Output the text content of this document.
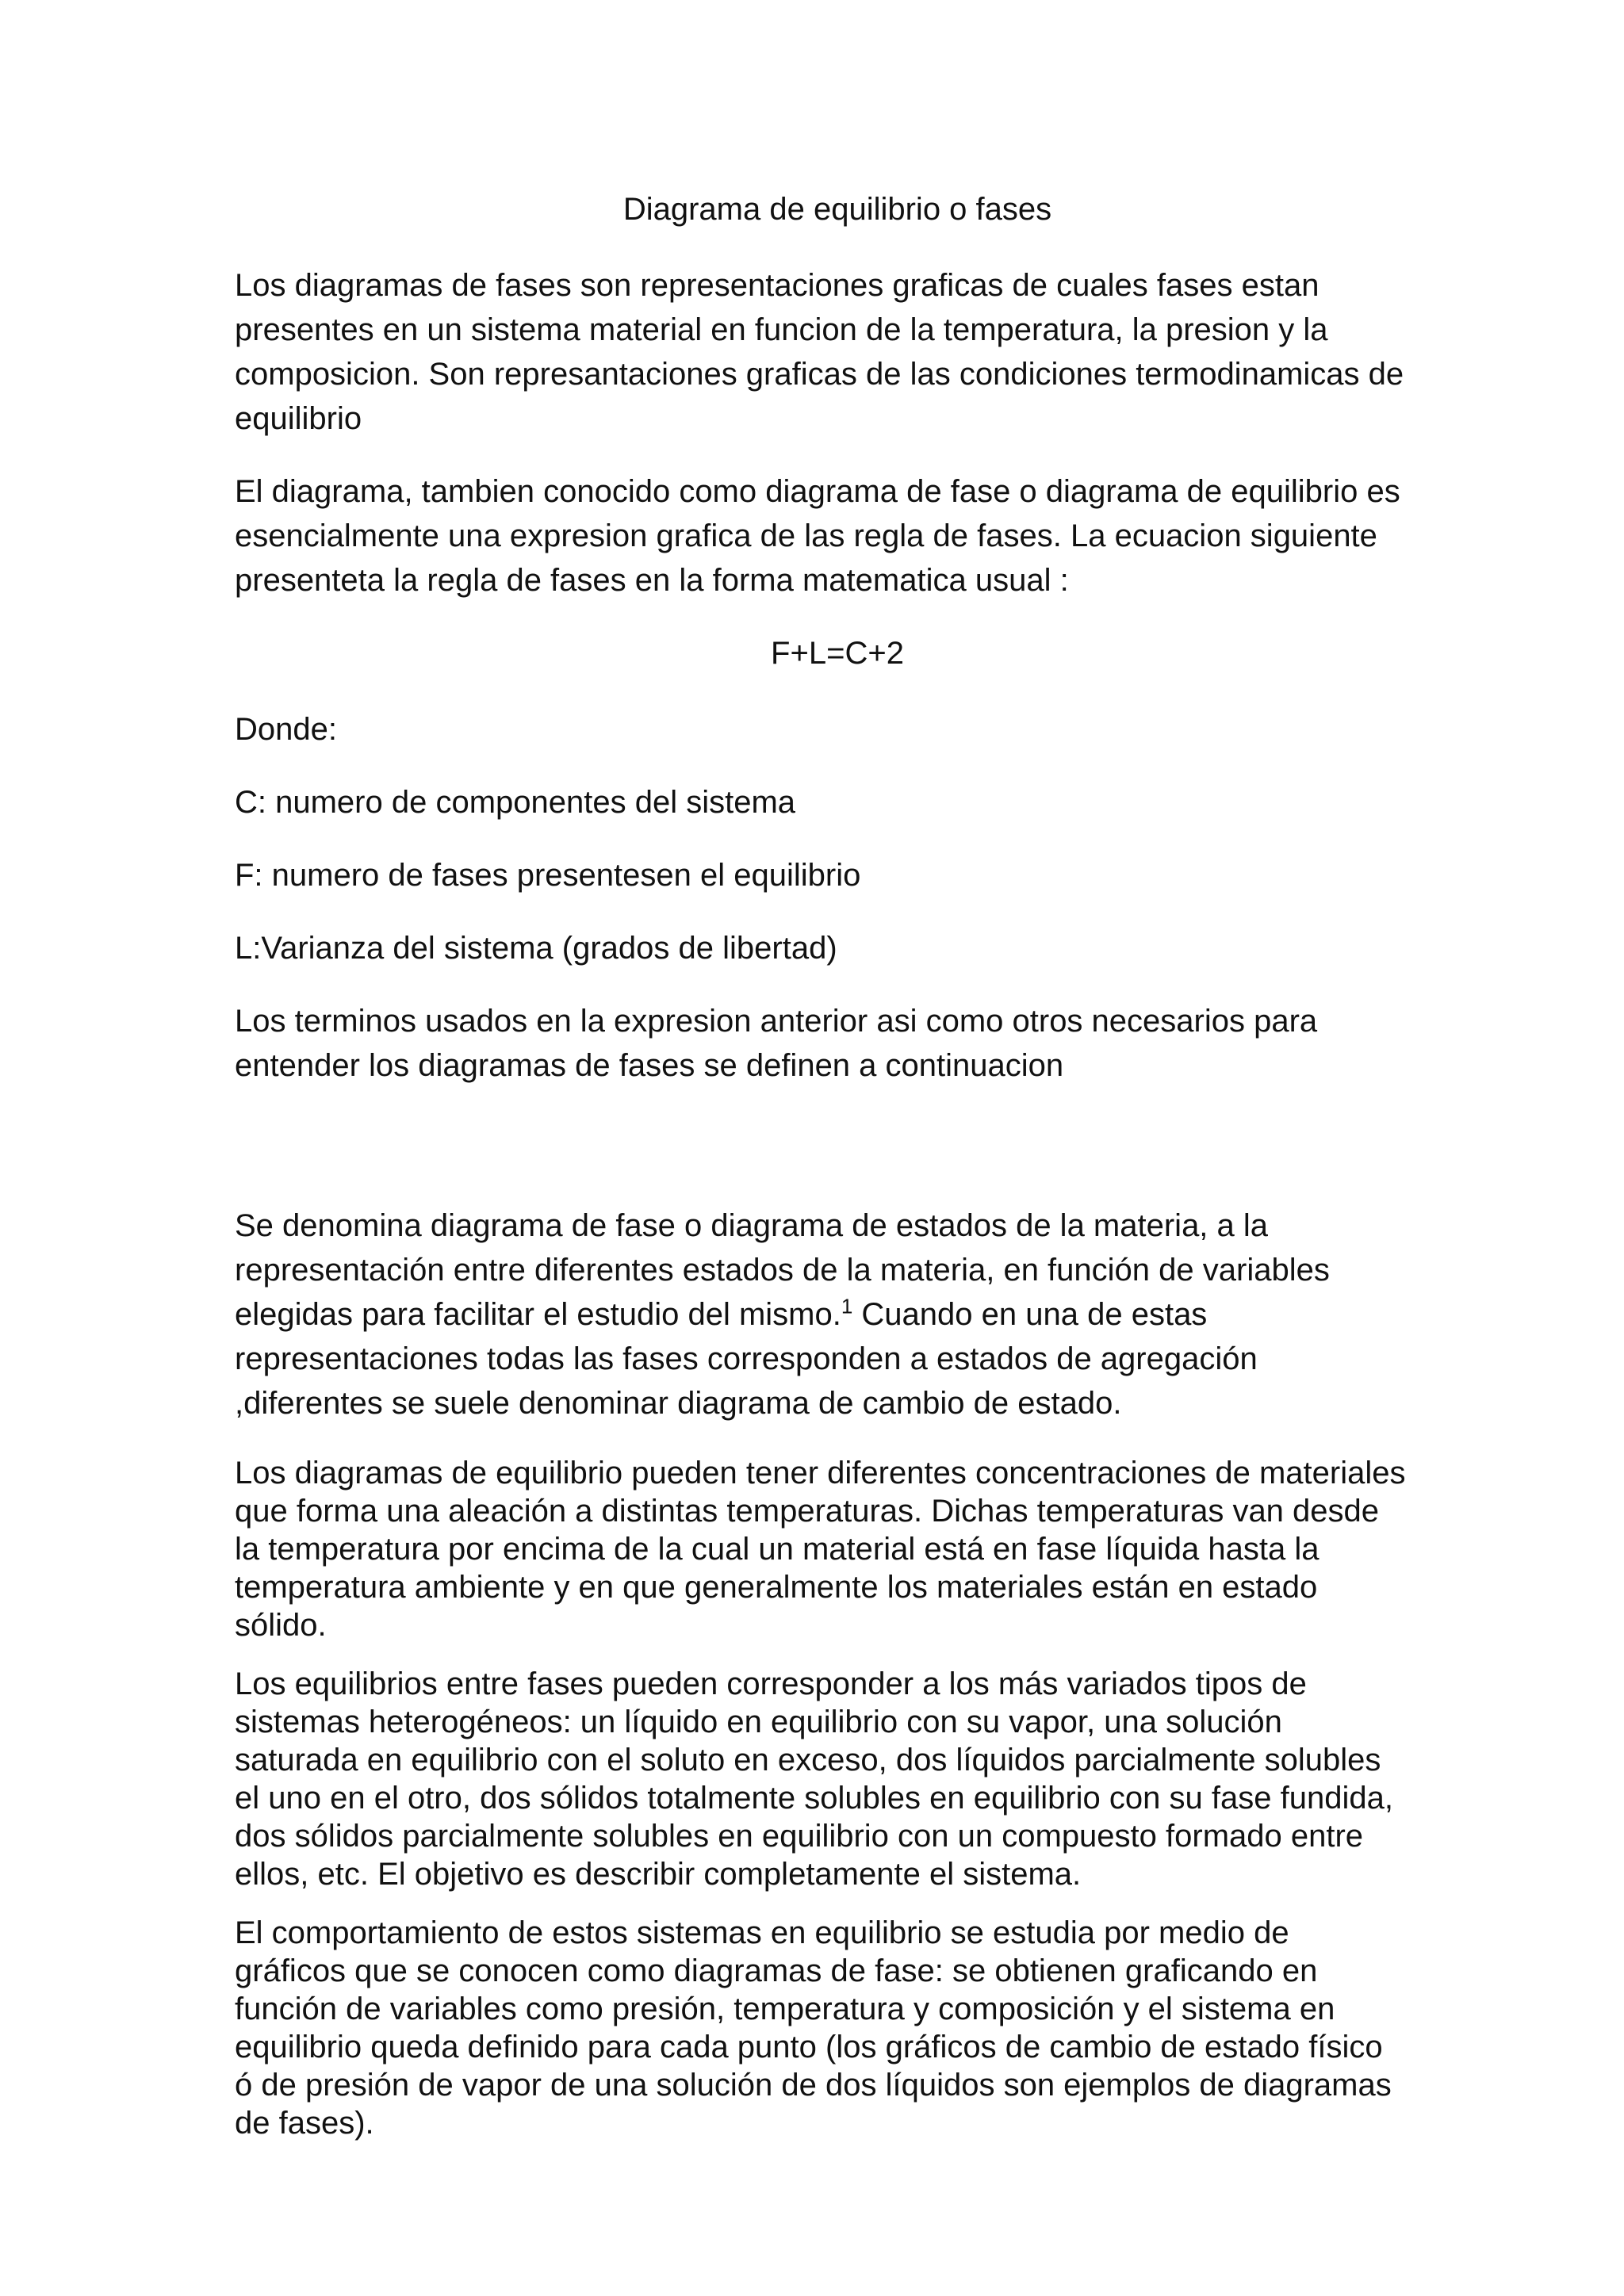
Diagrama de equilibrio o fases

Los diagramas de fases son representaciones graficas de cuales fases estan presentes en un sistema material en funcion de la temperatura, la presion y la composicion. Son represantaciones graficas de las condiciones termodinamicas de equilibrio

El diagrama, tambien conocido como diagrama de fase o diagrama de equilibrio es esencialmente una expresion grafica de las regla de fases. La ecuacion siguiente presenteta la regla de fases en la forma matematica usual :

F+L=C+2

Donde:

C: numero de componentes del sistema

F: numero de fases presentesen el equilibrio

L:Varianza del sistema (grados de libertad)

Los terminos usados en la expresion anterior asi como otros necesarios para entender los diagramas de fases se definen a continuacion

Se denomina diagrama de fase o diagrama de estados de la materia, a la representación entre diferentes estados de la materia, en función de variables elegidas para facilitar el estudio del mismo.$^1$ Cuando en una de estas representaciones todas las fases corresponden a estados de agregación ,diferentes se suele denominar diagrama de cambio de estado.

Los diagramas de equilibrio pueden tener diferentes concentraciones de materiales que forma una aleación a distintas temperaturas. Dichas temperaturas van desde la temperatura por encima de la cual un material está en fase líquida hasta la temperatura ambiente y en que generalmente los materiales están en estado sólido.

Los equilibrios entre fases pueden corresponder a los más variados tipos de sistemas heterogéneos: un líquido en equilibrio con su vapor, una solución saturada en equilibrio con el soluto en exceso, dos líquidos parcialmente solubles el uno en el otro, dos sólidos totalmente solubles en equilibrio con su fase fundida, dos sólidos parcialmente solubles en equilibrio con un compuesto formado entre ellos, etc. El objetivo es describir completamente el sistema.

El comportamiento de estos sistemas en equilibrio se estudia por medio de gráficos que se conocen como diagramas de fase: se obtienen graficando en función de variables como presión, temperatura y composición y el sistema en equilibrio queda definido para cada punto (los gráficos de cambio de estado físico ó de presión de vapor de una solución de dos líquidos son ejemplos de diagramas de fases).
